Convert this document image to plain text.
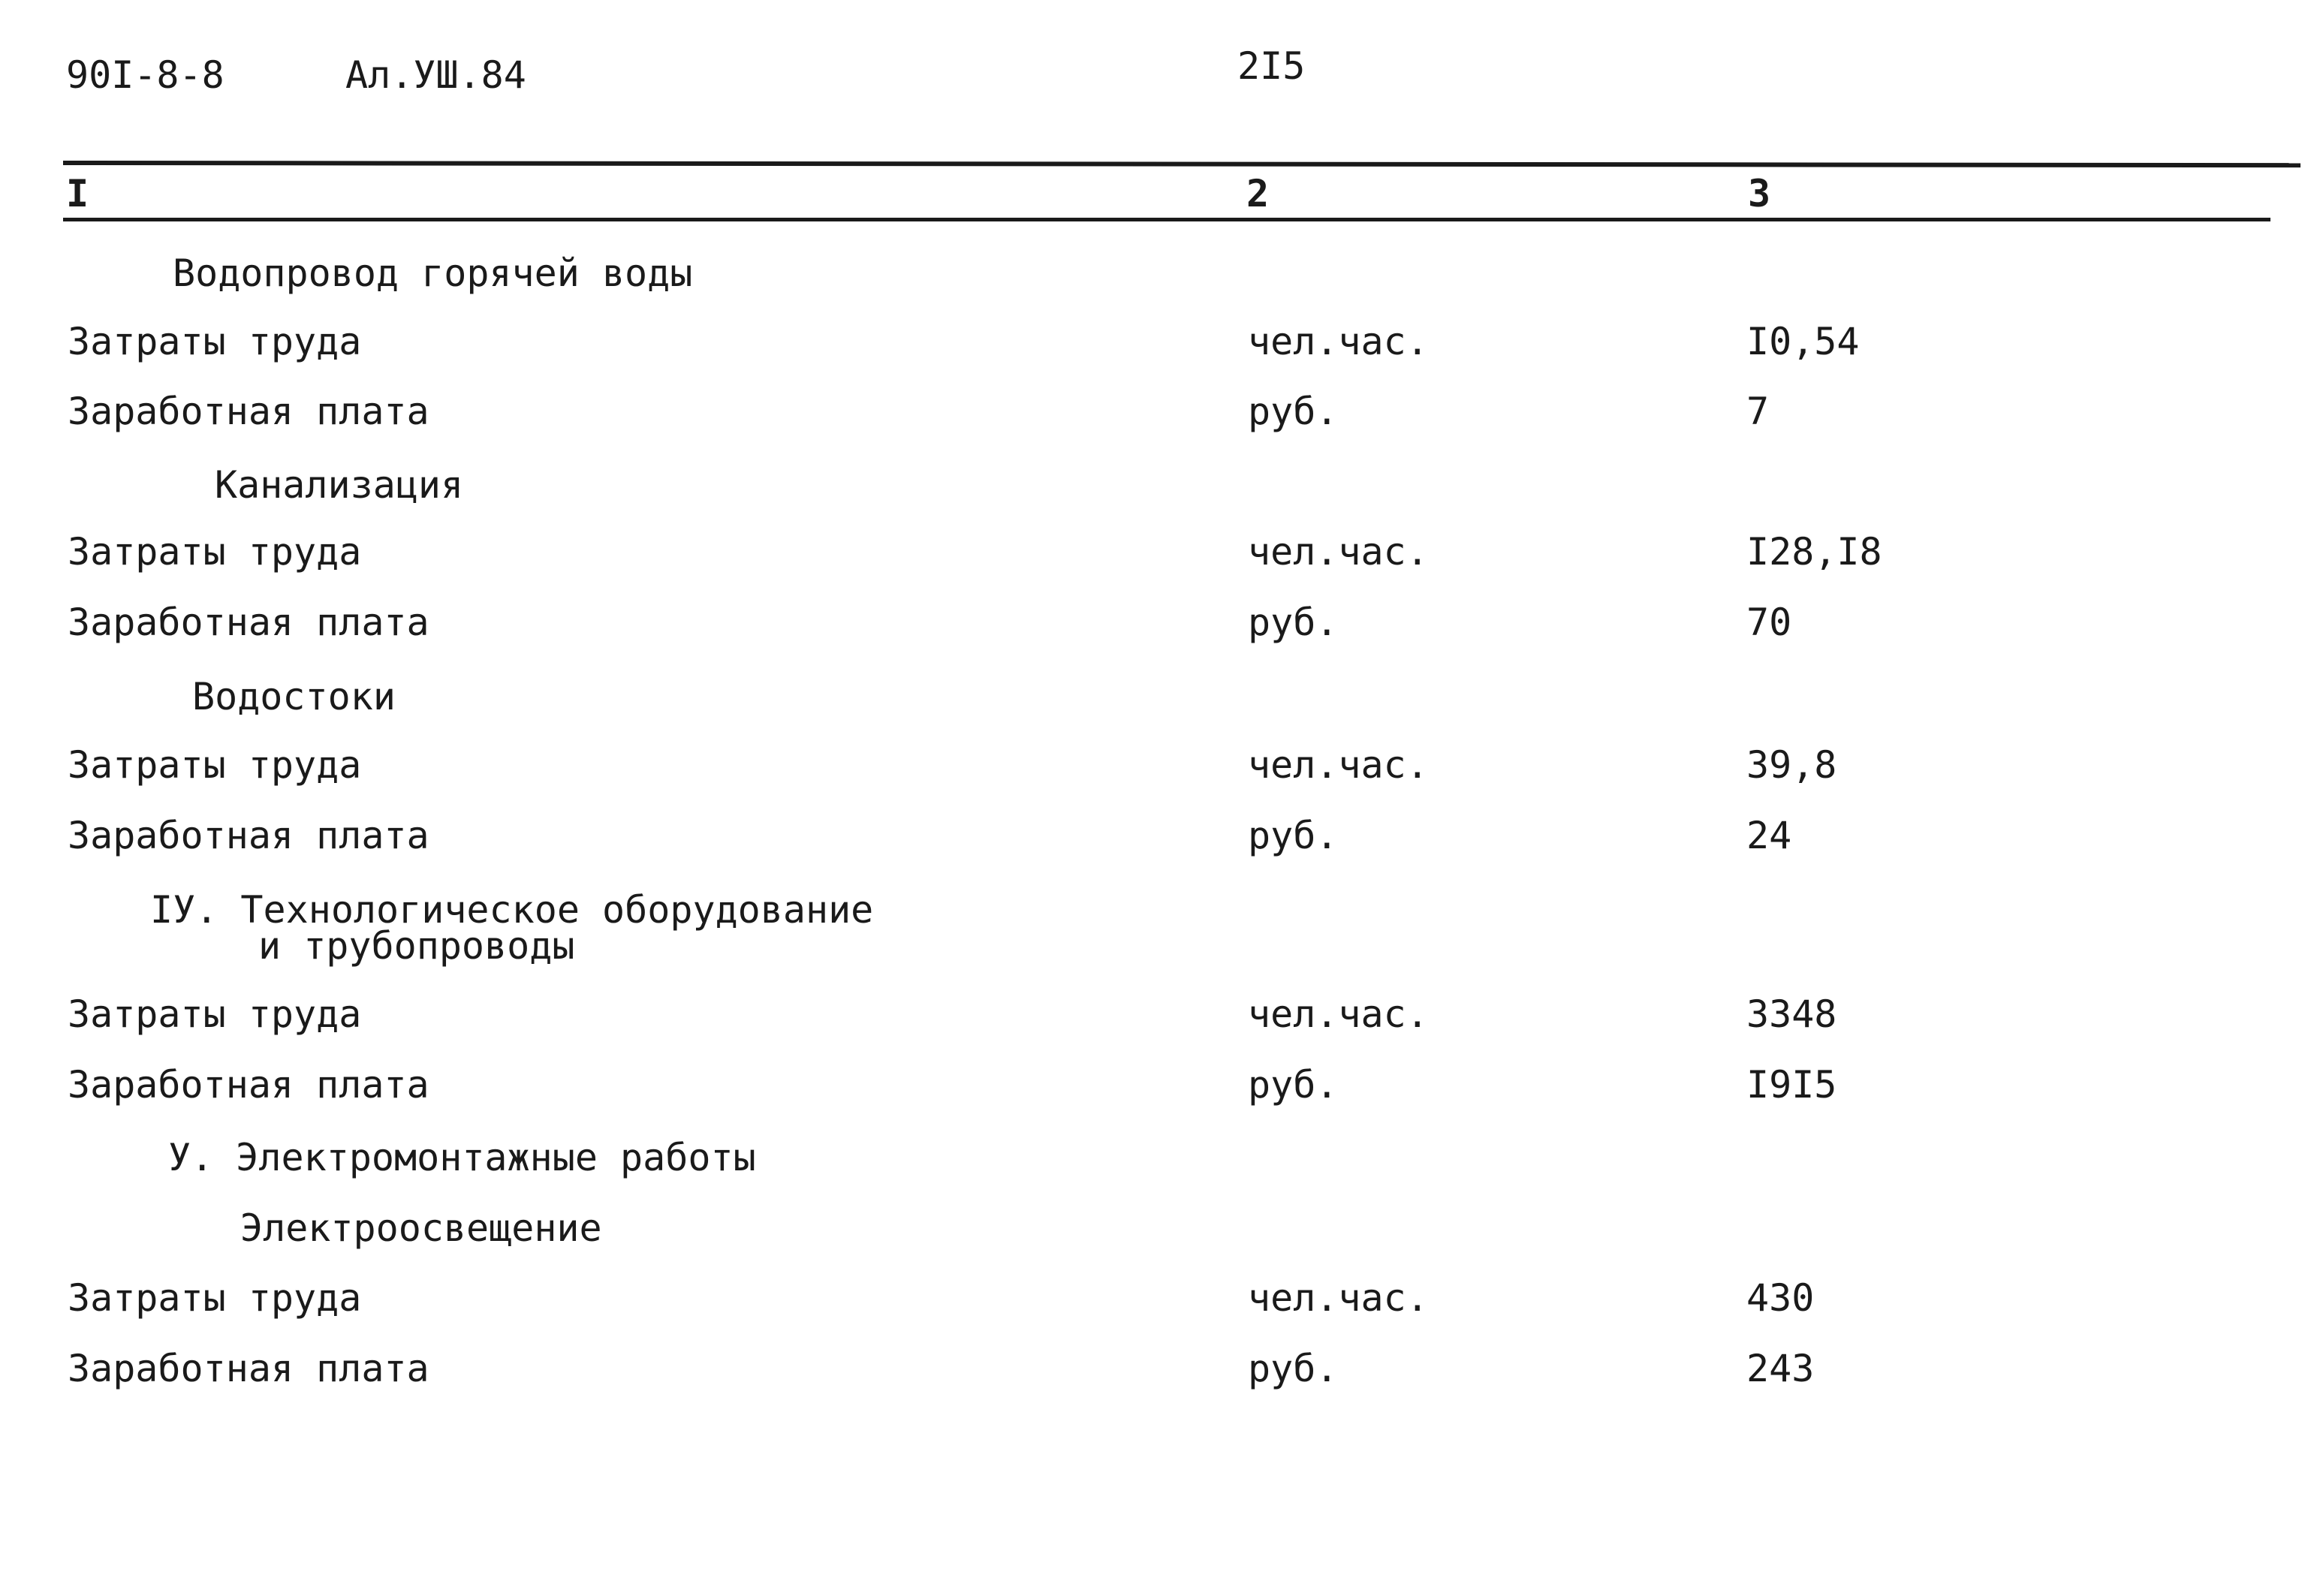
90I-8-8	Ал.УШ.84	2I5
I	2	3
Водопровод горячей воды
Затраты труда	чел.час.	I0,54
Заработная плата	руб.	7
Канализация
Затраты труда	чел.час.	I28,I8
Заработная плата	руб.	70
Водостоки
Затраты труда	чел.час.	39,8
Заработная плата	руб.	24
IУ. Технологическое оборудование
и трубопроводы
Затраты труда	чел.час.	3348
Заработная плата	руб.	I9I5
У. Электромонтажные работы
Электроосвещение
Затраты труда	чел.час.	430
Заработная плата	руб.	243
